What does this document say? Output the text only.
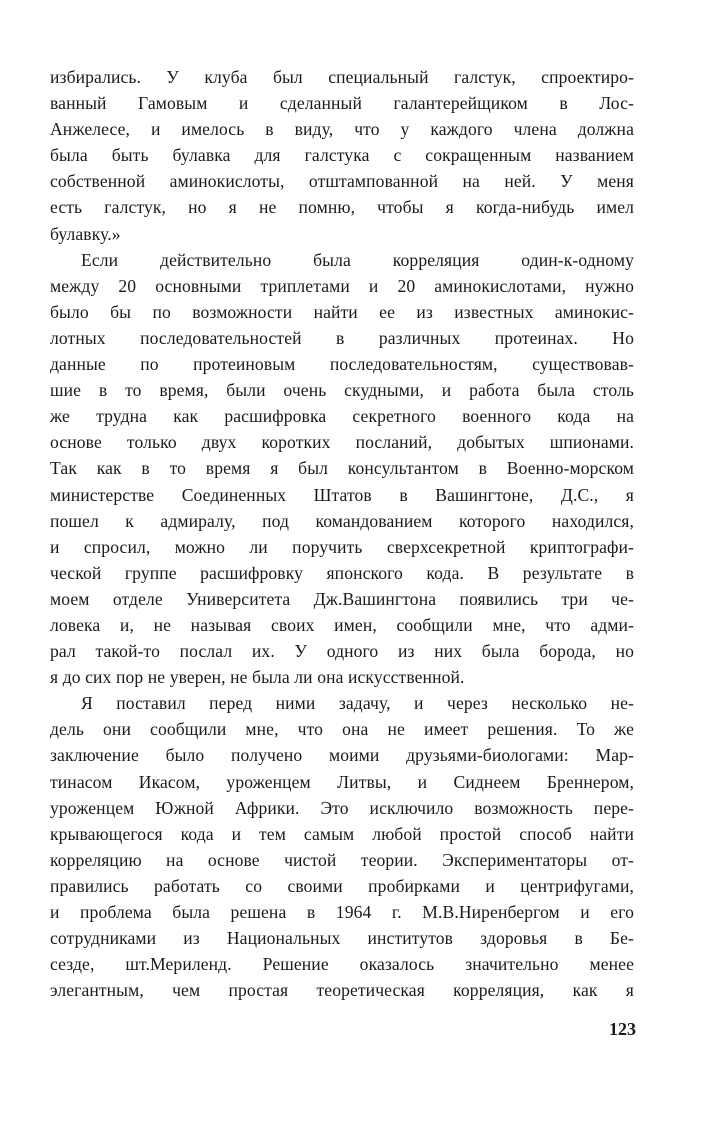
избирались. У клуба был специальный галстук, спроектиро-
ванный Гамовым и сделанный галантерейщиком в Лос-
Анжелесе, и имелось в виду, что у каждого члена должна
была быть булавка для галстука с сокращенным названием
собственной аминокислоты, отштампованной на ней. У меня
есть галстук, но я не помню, чтобы я когда-нибудь имел
булавку.»
Если действительно была корреляция один-к-одному
между 20 основными триплетами и 20 аминокислотами, нужно
было бы по возможности найти ее из известных аминокис-
лотных последовательностей в различных протеинах. Но
данные по протеиновым последовательностям, существовав-
шие в то время, были очень скудными, и работа была столь
же трудна как расшифровка секретного военного кода на
основе только двух коротких посланий, добытых шпионами.
Так как в то время я был консультантом в Военно-морском
министерстве Соединенных Штатов в Вашингтоне, Д.С., я
пошел к адмиралу, под командованием которого находился,
и спросил, можно ли поручить сверхсекретной криптографи-
ческой группе расшифровку японского кода. В результате в
моем отделе Университета Дж.Вашингтона появились три че-
ловека и, не называя своих имен, сообщили мне, что адми-
рал такой-то послал их. У одного из них была борода, но
я до сих пор не уверен, не была ли она искусственной.
Я поставил перед ними задачу, и через несколько не-
дель они сообщили мне, что она не имеет решения. То же
заключение было получено моими друзьями-биологами: Мар-
тинасом Икасом, уроженцем Литвы, и Сиднеем Бреннером,
уроженцем Южной Африки. Это исключило возможность пере-
крывающегося кода и тем самым любой простой способ найти
корреляцию на основе чистой теории. Экспериментаторы от-
правились работать со своими пробирками и центрифугами,
и проблема была решена в 1964 г. М.В.Ниренбергом и его
сотрудниками из Национальных институтов здоровья в Бе-
сезде, шт.Мериленд. Решение оказалось значительно менее
элегантным, чем простая теоретическая корреляция, как я
123
